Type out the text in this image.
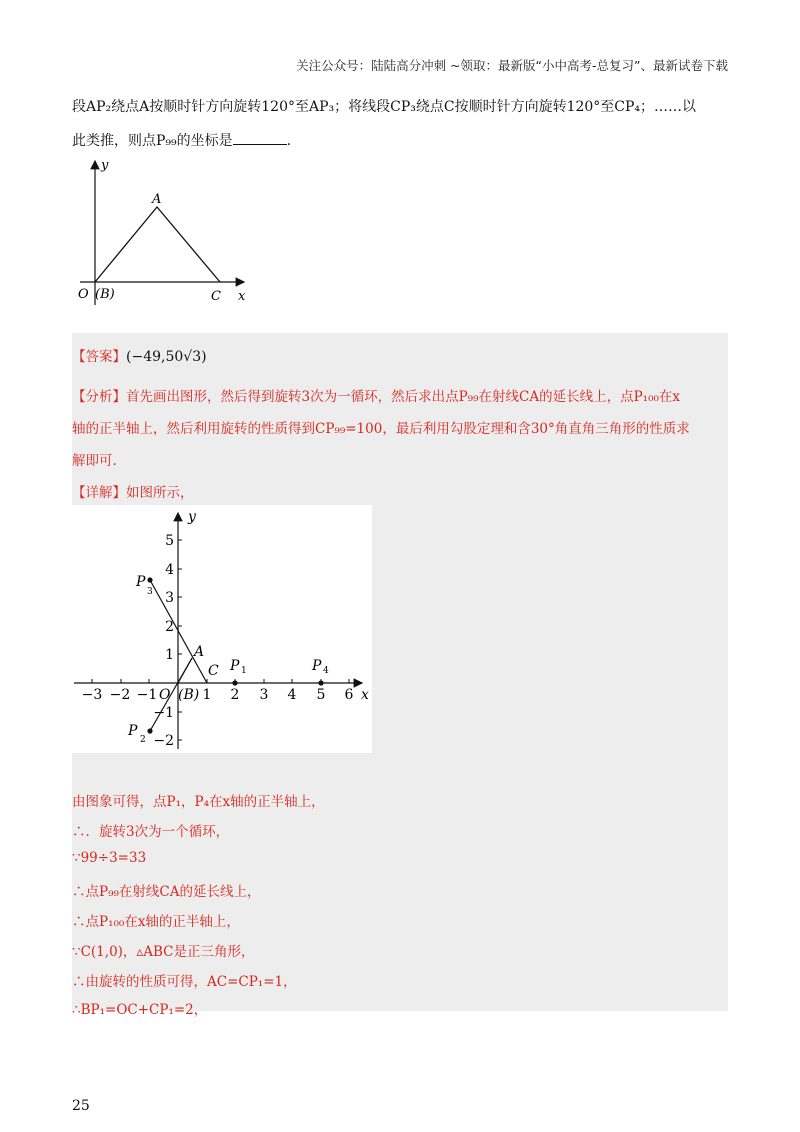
关注公众号：陆陆高分冲刺 ~领取：最新版“小中高考-总复习”、最新试卷下载
段AP₂绕点A按顺时针方向旋转120°至AP₃；将线段CP₃绕点C按顺时针方向旋转120°至CP₄；……以
此类推，则点P₉₉的坐标是	.
y
A
O (B)	C x
【答案】(−49,50√3)
【分析】首先画出图形，然后得到旋转3次为一循环，然后求出点P₉₉在射线CA的延长线上，点P₁₀₀在x
轴的正半轴上，然后利用旋转的性质得到CP₉₉=100，最后利用勾股定理和含30°角直角三角形的性质求
解即可.
【详解】如图所示，
−3 −2 −1	1 2 3 4 5 6
5
4
3
2
1
−1
−2
y
x
O (B)
A
C
P
3
P
2
P 1	P 4
由图象可得，点P₁，P₄在x轴的正半轴上，
∴．旋转3次为一个循环，
∵99÷3=33
∴点P₉₉在射线CA的延长线上，
∴点P₁₀₀在x轴的正半轴上，
∵C(1,0)，▵ABC是正三角形，
∴由旋转的性质可得，AC=CP₁=1，
∴BP₁=OC+CP₁=2，
25
